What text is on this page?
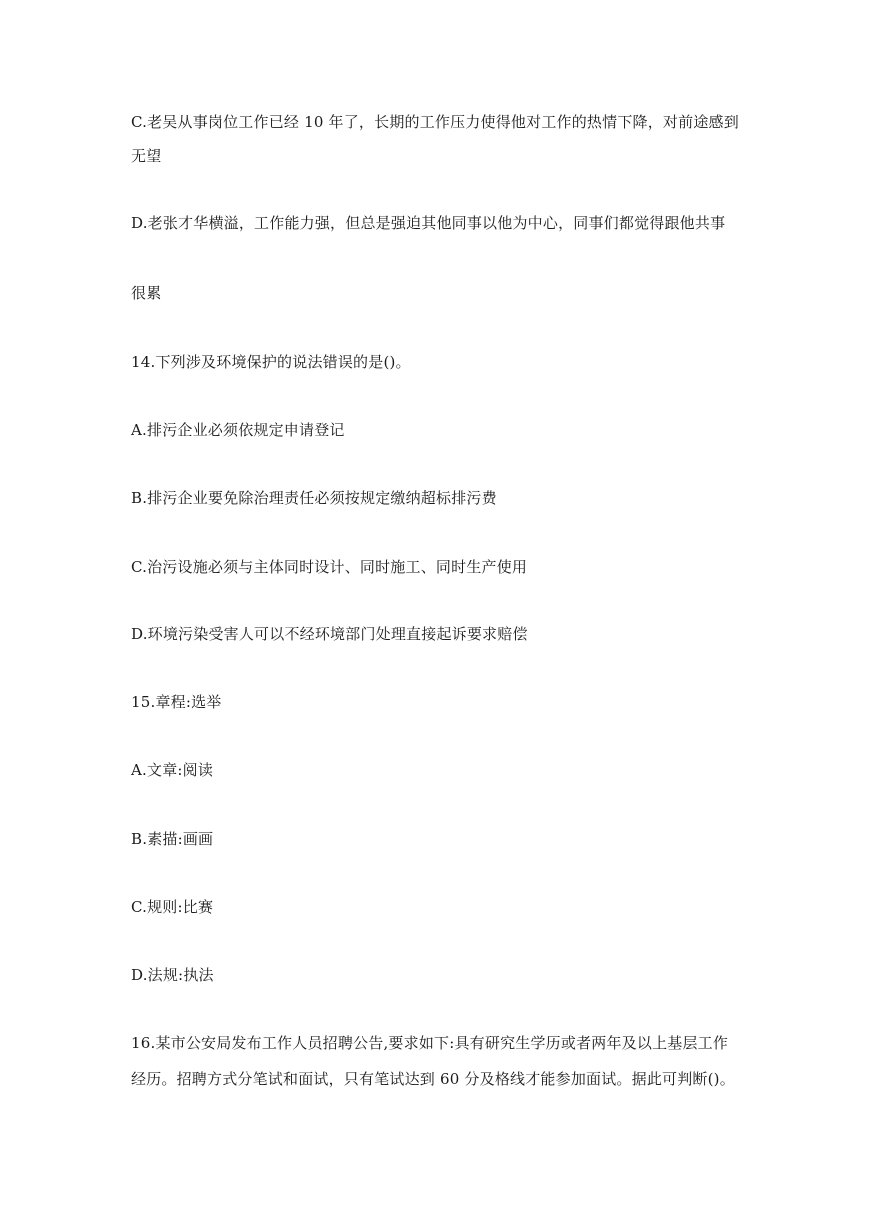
C.老吴从事岗位工作已经 10 年了，长期的工作压力使得他对工作的热情下降，对前途感到
无望
D.老张才华横溢，工作能力强，但总是强迫其他同事以他为中心，同事们都觉得跟他共事
很累
14.下列涉及环境保护的说法错误的是()。
A.排污企业必须依规定申请登记
B.排污企业要免除治理责任必须按规定缴纳超标排污费
C.治污设施必须与主体同时设计、同时施工、同时生产使用
D.环境污染受害人可以不经环境部门处理直接起诉要求赔偿
15.章程:选举
A.文章:阅读
B.素描:画画
C.规则:比赛
D.法规:执法
16.某市公安局发布工作人员招聘公告,要求如下:具有研究生学历或者两年及以上基层工作
经历。招聘方式分笔试和面试，只有笔试达到 60 分及格线才能参加面试。据此可判断()。
